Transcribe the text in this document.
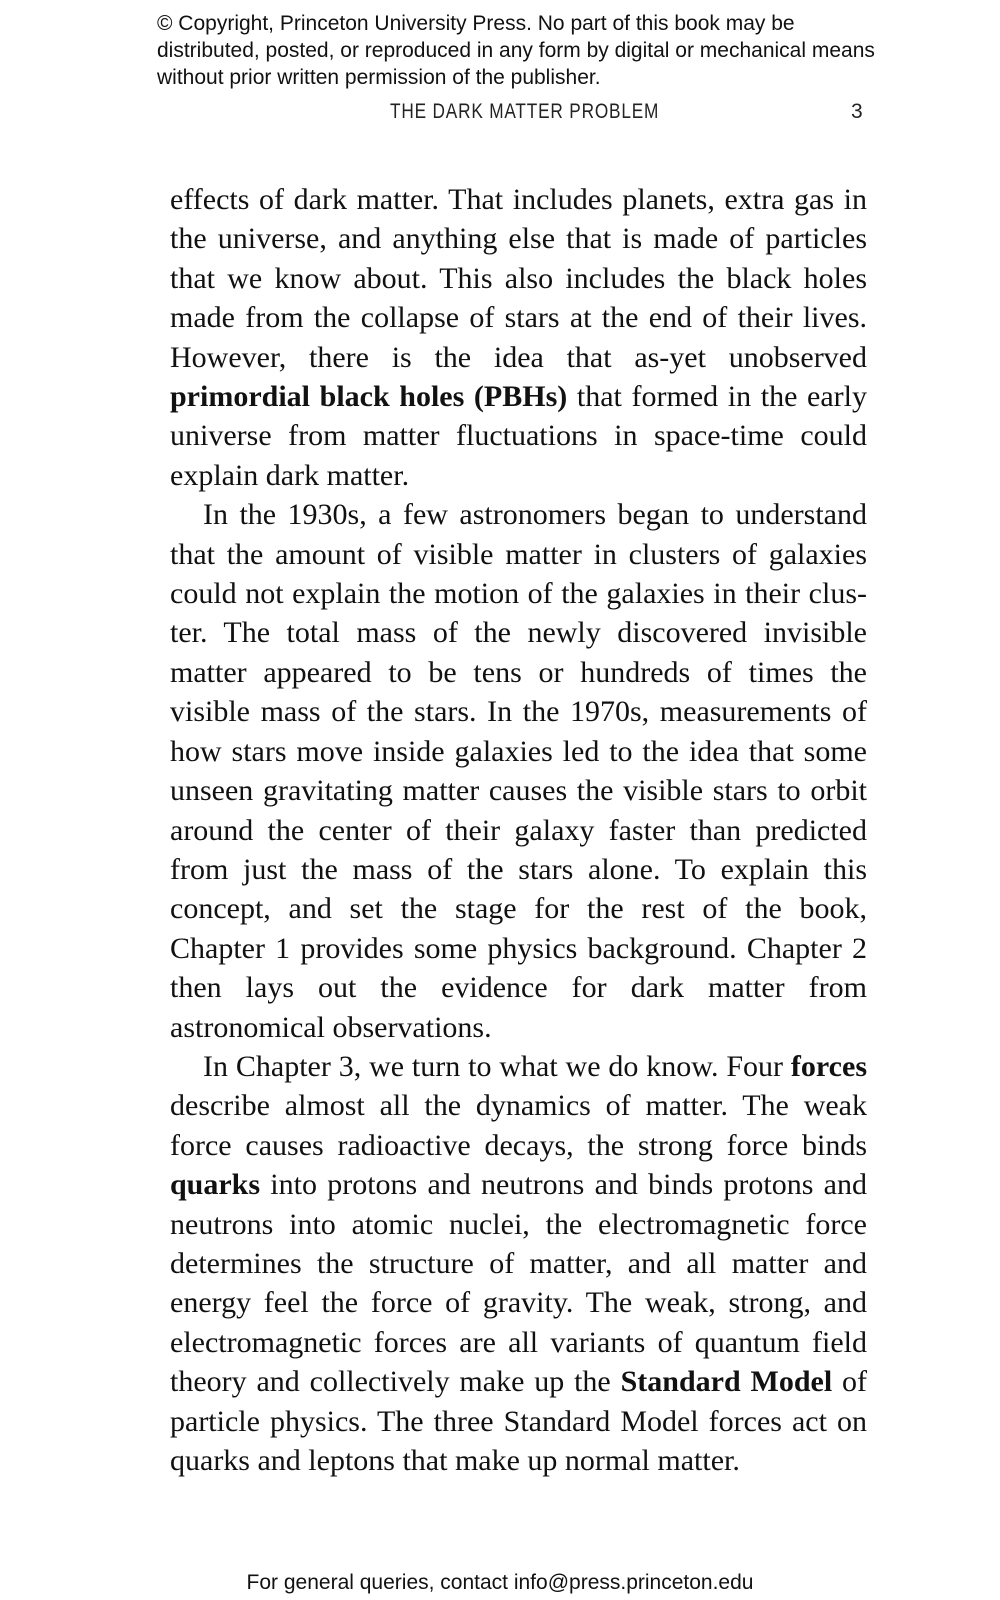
© Copyright, Princeton University Press. No part of this book may be distributed, posted, or reproduced in any form by digital or mechanical means without prior written permission of the publisher.
THE DARK MATTER PROBLEM	3

effects of dark matter. That includes planets, extra gas in the universe, and anything else that is made of particles that we know about. This also includes the black holes made from the collapse of stars at the end of their lives. However, there is the idea that as-yet unobserved primordial black holes (PBHs) that formed in the early universe from matter fluctuations in space-time could explain dark matter.

In the 1930s, a few astronomers began to understand that the amount of visible matter in clusters of galaxies could not explain the motion of the galaxies in their cluster. The total mass of the newly discovered invisible matter appeared to be tens or hundreds of times the visible mass of the stars. In the 1970s, measurements of how stars move inside galaxies led to the idea that some unseen gravitating matter causes the visible stars to orbit around the center of their galaxy faster than predicted from just the mass of the stars alone. To explain this concept, and set the stage for the rest of the book, Chapter 1 provides some physics background. Chapter 2 then lays out the evidence for dark matter from astronomical observations.

In Chapter 3, we turn to what we do know. Four forces describe almost all the dynamics of matter. The weak force causes radioactive decays, the strong force binds quarks into protons and neutrons and binds protons and neutrons into atomic nuclei, the electromagnetic force determines the structure of matter, and all matter and energy feel the force of gravity. The weak, strong, and electromagnetic forces are all variants of quantum field theory and collectively make up the Standard Model of particle physics. The three Standard Model forces act on quarks and leptons that make up normal matter.

For general queries, contact info@press.princeton.edu
